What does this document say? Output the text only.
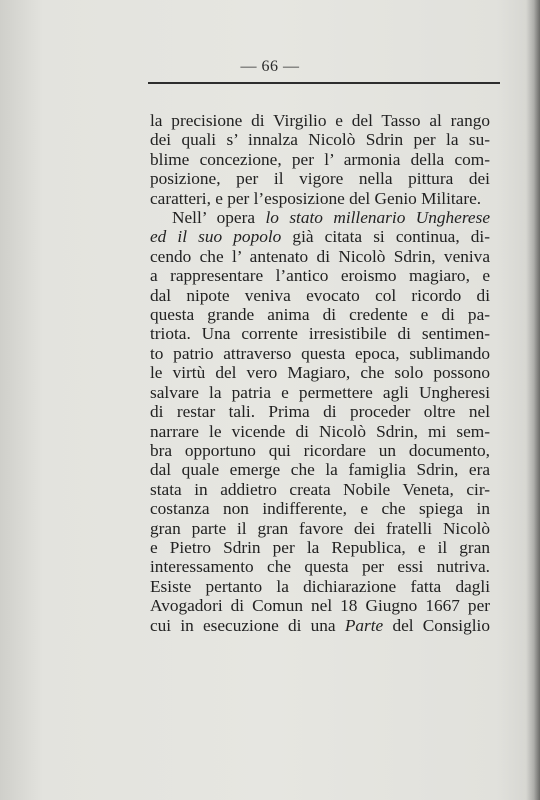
— 66 —
la precisione di Virgilio e del Tasso al rango
dei quali s’ innalza Nicolò Sdrin per la su-
blime concezione, per l’ armonia della com-
posizione, per il vigore nella pittura dei
caratteri, e per l’esposizione del Genio Militare.
Nell’ opera lo stato millenario Ungherese
ed il suo popolo già citata si continua, di-
cendo che l’ antenato di Nicolò Sdrin, veniva
a rappresentare l’antico eroismo magiaro, e
dal nipote veniva evocato col ricordo di
questa grande anima di credente e di pa-
triota. Una corrente irresistibile di sentimen-
to patrio attraverso questa epoca, sublimando
le virtù del vero Magiaro, che solo possono
salvare la patria e permettere agli Ungheresi
di restar tali. Prima di proceder oltre nel
narrare le vicende di Nicolò Sdrin, mi sem-
bra opportuno qui ricordare un documento,
dal quale emerge che la famiglia Sdrin, era
stata in addietro creata Nobile Veneta, cir-
costanza non indifferente, e che spiega in
gran parte il gran favore dei fratelli Nicolò
e Pietro Sdrin per la Republica, e il gran
interessamento che questa per essi nutriva.
Esiste pertanto la dichiarazione fatta dagli
Avogadori di Comun nel 18 Giugno 1667 per
cui in esecuzione di una Parte del Consiglio
